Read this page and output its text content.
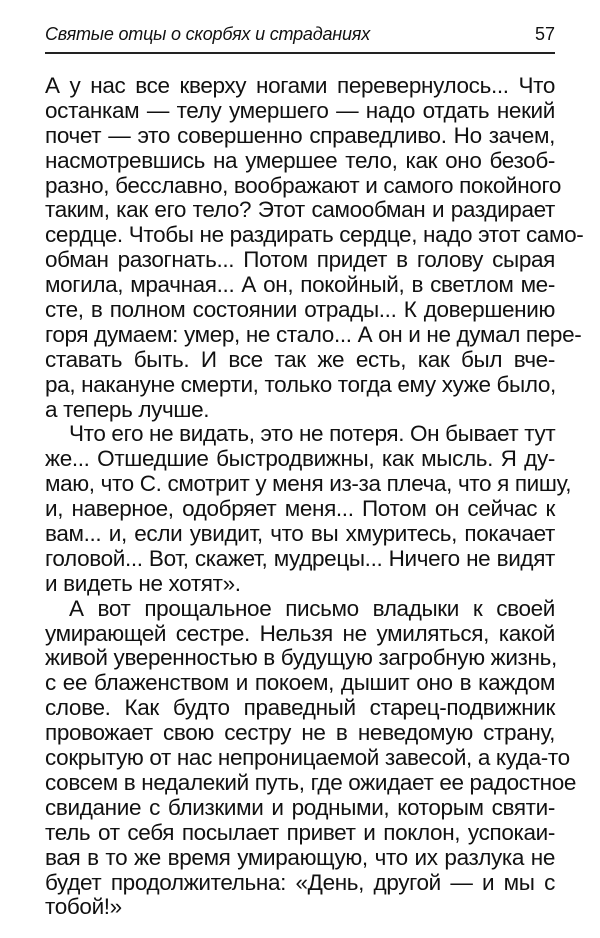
Святые отцы о скорбях и страданиях	57
А у нас все кверху ногами перевернулось... Что
останкам — телу умершего — надо отдать некий
почет — это совершенно справедливо. Но зачем,
насмотревшись на умершее тело, как оно безоб-
разно, бесславно, воображают и самого покойного
таким, как его тело? Этот самообман и раздирает
сердце. Чтобы не раздирать сердце, надо этот само-
обман разогнать... Потом придет в голову сырая
могила, мрачная... А он, покойный, в светлом ме-
сте, в полном состоянии отрады... К довершению
горя думаем: умер, не стало... А он и не думал пере-
ставать быть. И все так же есть, как был вче-
ра, накануне смерти, только тогда ему хуже было,
а теперь лучше.
Что его не видать, это не потеря. Он бывает тут
же... Отшедшие быстродвижны, как мысль. Я ду-
маю, что С. смотрит у меня из-за плеча, что я пишу,
и, наверное, одобряет меня... Потом он сейчас к
вам... и, если увидит, что вы хмуритесь, покачает
головой... Вот, скажет, мудрецы... Ничего не видят
и видеть не хотят».
А вот прощальное письмо владыки к своей
умирающей сестре. Нельзя не умиляться, какой
живой уверенностью в будущую загробную жизнь,
с ее блаженством и покоем, дышит оно в каждом
слове. Как будто праведный старец-подвижник
провожает свою сестру не в неведомую страну,
сокрытую от нас непроницаемой завесой, а куда-то
совсем в недалекий путь, где ожидает ее радостное
свидание с близкими и родными, которым святи-
тель от себя посылает привет и поклон, успокаи-
вая в то же время умирающую, что их разлука не
будет продолжительна: «День, другой — и мы с
тобой!»
